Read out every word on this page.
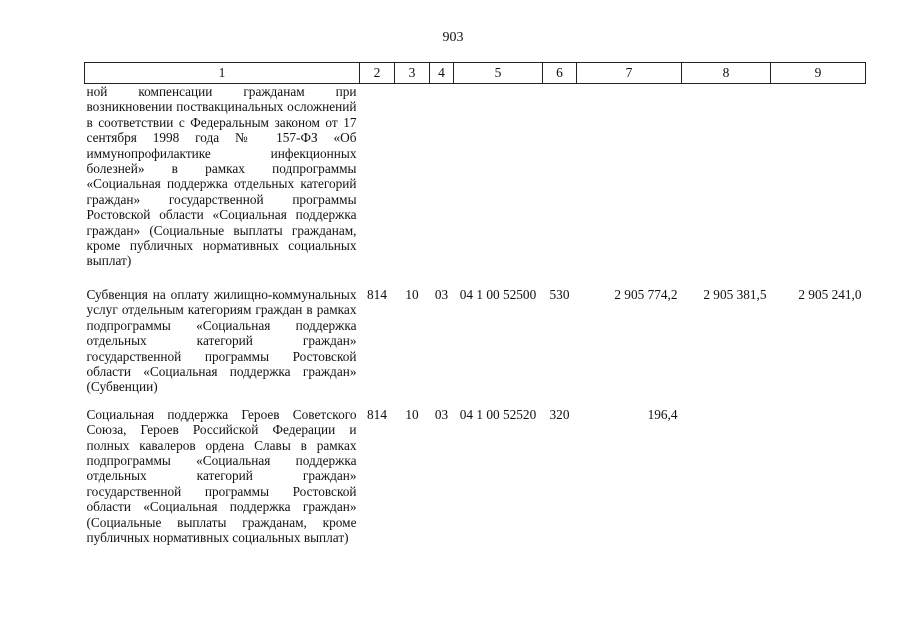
903
1	2	3	4	5	6	7	8	9
ной компенсации гражданам при возникновении поствакцинальных осложнений в соответствии с Федеральным законом от 17 сентября 1998 года № 157-ФЗ «Об иммунопрофилактике инфекционных болезней» в рамках подпрограммы «Социальная поддержка отдельных категорий граждан» государственной программы Ростовской области «Социальная поддержка граждан» (Социальные выплаты гражданам, кроме публичных нормативных социальных выплат)								
Субвенция на оплату жилищно-коммунальных услуг отдельным категориям граждан в рамках подпрограммы «Социальная поддержка отдельных категорий граждан» государственной программы Ростовской области «Социальная поддержка граждан» (Субвенции)	814	10	03	04 1 00 52500	530	2 905 774,2	2 905 381,5	2 905 241,0
Социальная поддержка Героев Советского Союза, Героев Российской Федерации и полных кавалеров ордена Славы в рамках подпрограммы «Социальная поддержка отдельных категорий граждан» государственной программы Ростовской области «Социальная поддержка граждан» (Социальные выплаты гражданам, кроме публичных нормативных социальных выплат)	814	10	03	04 1 00 52520	320	196,4		
